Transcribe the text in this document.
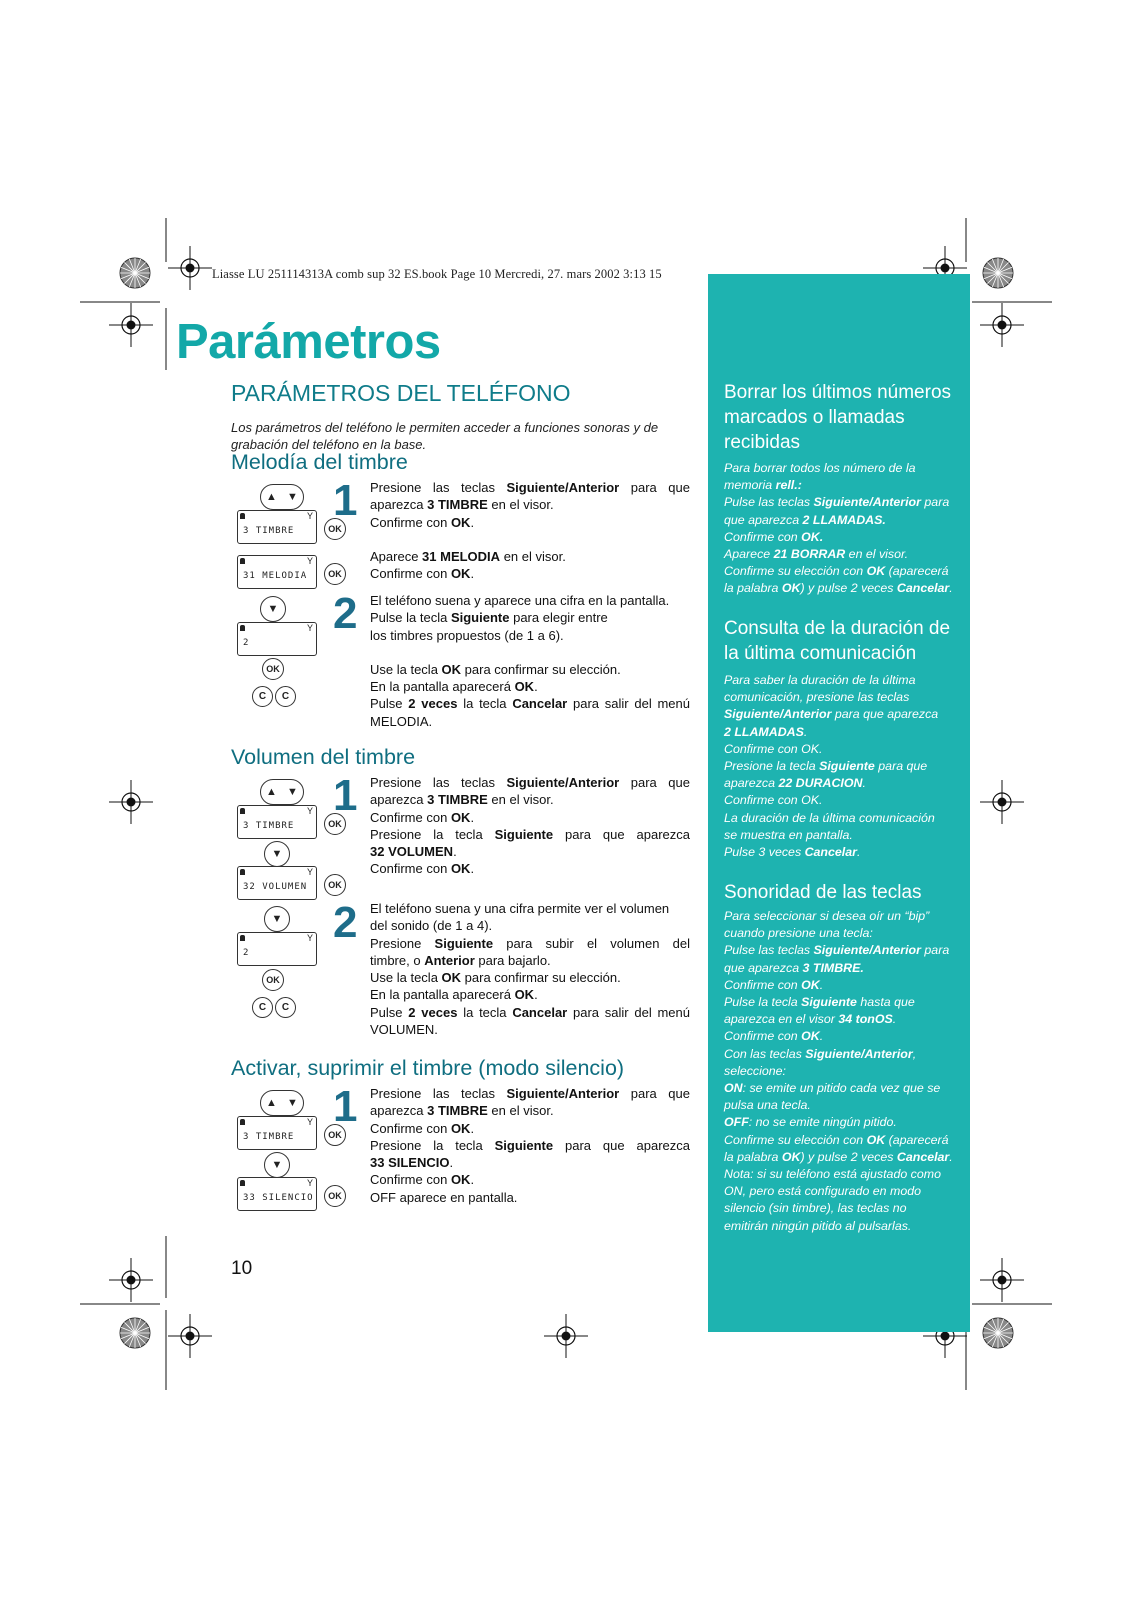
Liasse LU 251114313A comb sup 32 ES.book Page 10 Mercredi, 27. mars 2002 3:13 15
Parámetros
PARÁMETROS DEL TELÉFONO
Los parámetros del teléfono le permiten acceder a funciones sonoras y de grabación del teléfono en la base.
Melodía del timbre
▲ ▼
Y
3 TIMBRE	OK
Y
31 MELODIA	OK
▼
Y
2
OK
C	C
1 Presione las teclas Siguiente/Anterior para que

aparezca 3 TIMBRE en el visor.

Confirme con OK.

Aparece 31 MELODIA en el visor.

Confirme con OK.

2 El teléfono suena y aparece una cifra en la pantalla.

Pulse la tecla Siguiente para elegir entre

los timbres propuestos (de 1 a 6).

Use la tecla OK para confirmar su elección.

En la pantalla aparecerá OK.

Pulse 2 veces la tecla Cancelar para salir del menú

MELODIA.

Volumen del timbre
▲ ▼
Y
3 TIMBRE	OK
▼
Y
32 VOLUMEN	OK
▼
Y
2
OK
C	C
1 Presione las teclas Siguiente/Anterior para que

aparezca 3 TIMBRE en el visor.

Confirme con OK.

Presione la tecla Siguiente para que aparezca

32 VOLUMEN.

Confirme con OK.

2 El teléfono suena y una cifra permite ver el volumen

del sonido (de 1 a 4).

Presione Siguiente para subir el volumen del

timbre, o Anterior para bajarlo.

Use la tecla OK para confirmar su elección.

En la pantalla aparecerá OK.

Pulse 2 veces la tecla Cancelar para salir del menú

VOLUMEN.

Activar, suprimir el timbre (modo silencio)
▲ ▼
Y
3 TIMBRE	OK
▼
Y
33 SILENCIO	OK
1 Presione las teclas Siguiente/Anterior para que

aparezca 3 TIMBRE en el visor.

Confirme con OK.

Presione la tecla Siguiente para que aparezca

33 SILENCIO.

Confirme con OK.

OFF aparece en pantalla.

10
Borrar los últimos números marcados o llamadas recibidas

Para borrar todos los número de la

memoria rell.:

Pulse las teclas Siguiente/Anterior para

que aparezca 2 LLAMADAS.

Confirme con OK.

Aparece 21 BORRAR en el visor.

Confirme su elección con OK (aparecerá

la palabra OK) y pulse 2 veces Cancelar.

Consulta de la duración de la última comunicación

Para saber la duración de la última

comunicación, presione las teclas

Siguiente/Anterior para que aparezca

2 LLAMADAS.

Confirme con OK.

Presione la tecla Siguiente para que

aparezca 22 DURACION.

Confirme con OK.

La duración de la última comunicación

se muestra en pantalla.

Pulse 3 veces Cancelar.

Sonoridad de las teclas

Para seleccionar si desea oír un “bip”

cuando presione una tecla:

Pulse las teclas Siguiente/Anterior para

que aparezca 3 TIMBRE.

Confirme con OK.

Pulse la tecla Siguiente hasta que

aparezca en el visor 34 tonOS.

Confirme con OK.

Con las teclas Siguiente/Anterior,

seleccione:

ON: se emite un pitido cada vez que se

pulsa una tecla.

OFF: no se emite ningún pitido.

Confirme su elección con OK (aparecerá

la palabra OK) y pulse 2 veces Cancelar.

Nota: si su teléfono está ajustado como

ON, pero está configurado en modo

silencio (sin timbre), las teclas no

emitirán ningún pitido al pulsarlas.
